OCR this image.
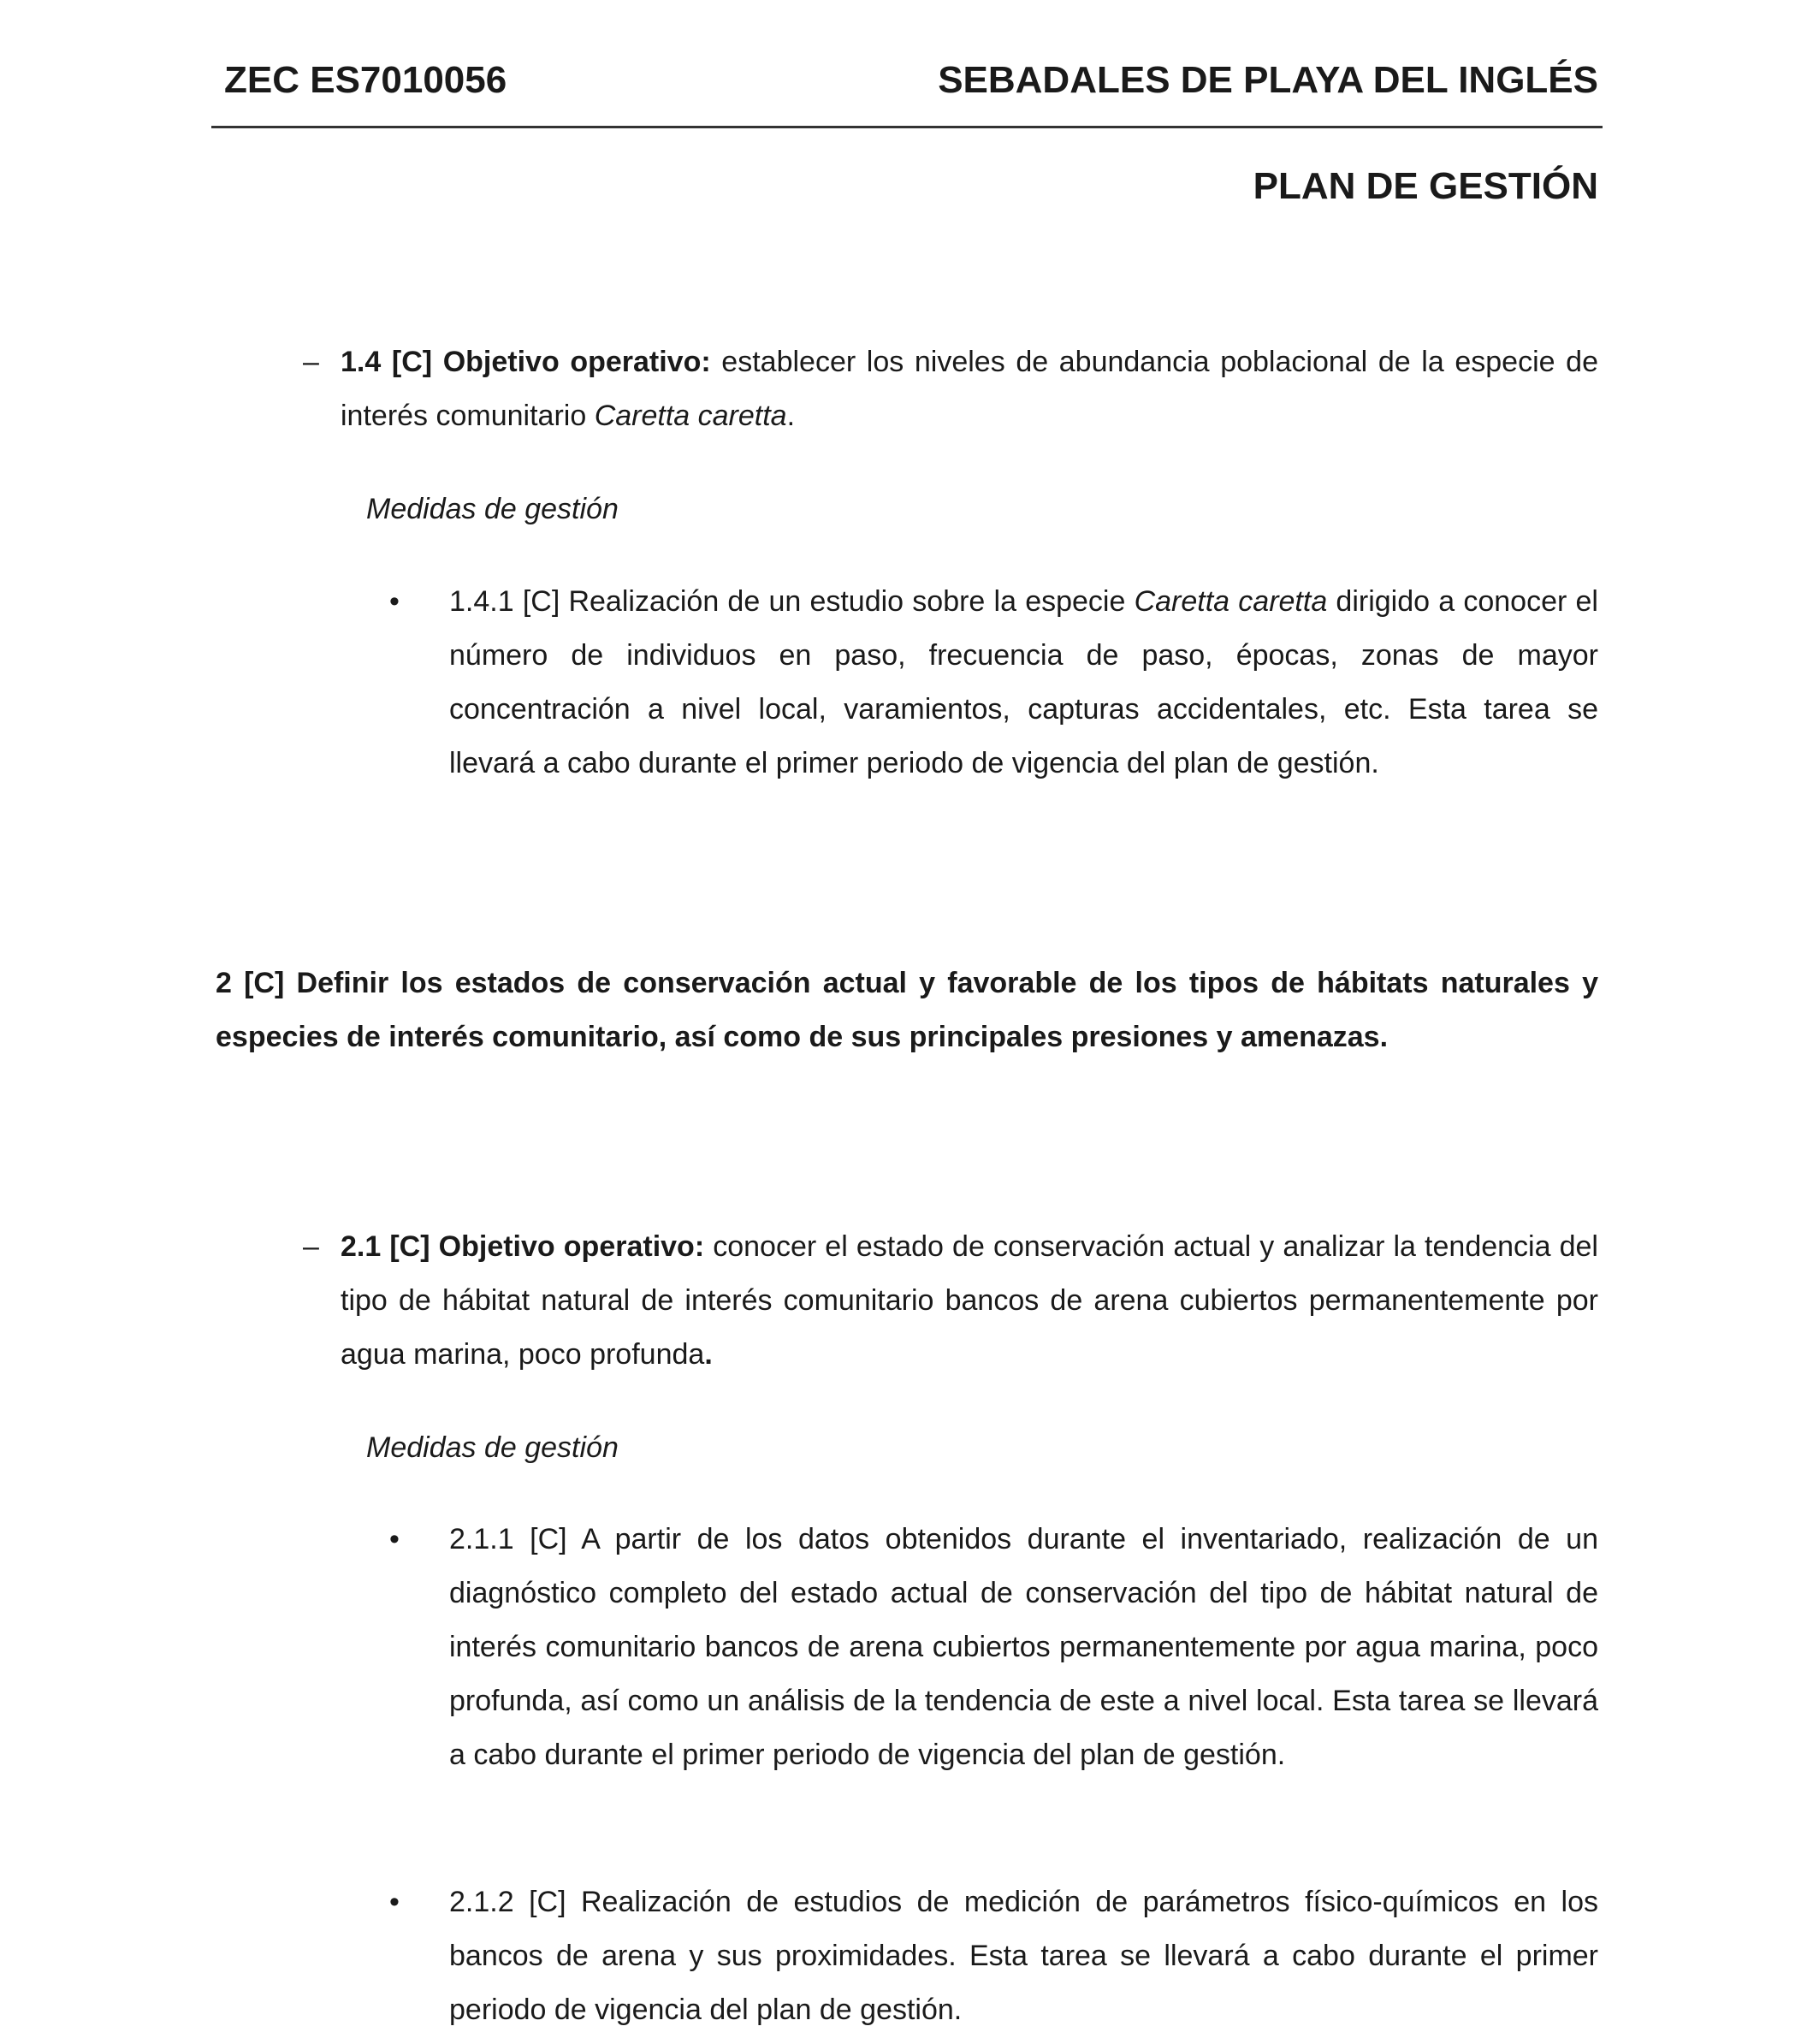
ZEC ES7010056	SEBADALES DE PLAYA DEL INGLÉS
PLAN DE GESTIÓN
– 1.4 [C] Objetivo operativo: establecer los niveles de abundancia poblacional de la especie de interés comunitario Caretta caretta.
Medidas de gestión
• 1.4.1 [C] Realización de un estudio sobre la especie Caretta caretta dirigido a conocer el número de individuos en paso, frecuencia de paso, épocas, zonas de mayor concentración a nivel local, varamientos, capturas accidentales, etc. Esta tarea se llevará a cabo durante el primer periodo de vigencia del plan de gestión.
2 [C] Definir los estados de conservación actual y favorable de los tipos de hábitats naturales y especies de interés comunitario, así como de sus principales presiones y amenazas.
– 2.1 [C] Objetivo operativo: conocer el estado de conservación actual y analizar la tendencia del tipo de hábitat natural de interés comunitario bancos de arena cubiertos permanentemente por agua marina, poco profunda.
Medidas de gestión
• 2.1.1 [C] A partir de los datos obtenidos durante el inventariado, realización de un diagnóstico completo del estado actual de conservación del tipo de hábitat natural de interés comunitario bancos de arena cubiertos permanentemente por agua marina, poco profunda, así como un análisis de la tendencia de este a nivel local. Esta tarea se llevará a cabo durante el primer periodo de vigencia del plan de gestión.
• 2.1.2 [C] Realización de estudios de medición de parámetros físico-químicos en los bancos de arena y sus proximidades. Esta tarea se llevará a cabo durante el primer periodo de vigencia del plan de gestión.
